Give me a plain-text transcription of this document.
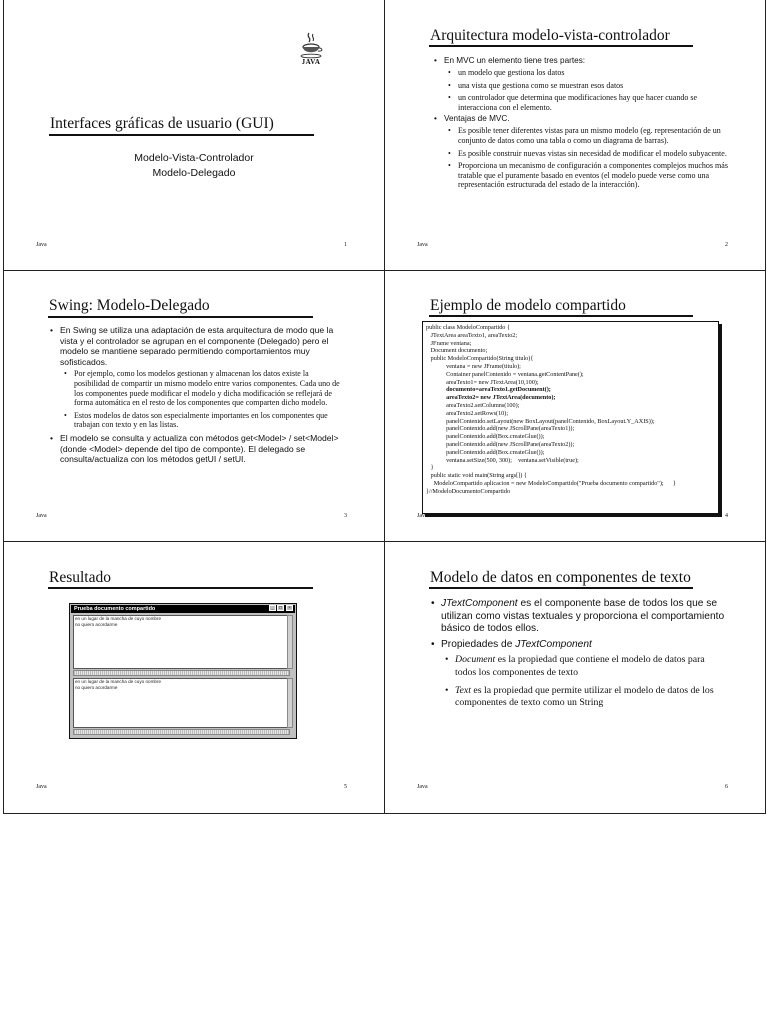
JAVA
Interfaces gráficas de usuario (GUI)
Modelo-Vista-Controlador
Modelo-Delegado
Java	1
Arquitectura modelo-vista-controlador
• En MVC un elemento tiene tres partes:
• un modelo que gestiona los datos
• una vista que gestiona como se muestran esos datos
• un controlador que determina que modificaciones hay que hacer cuando se interacciona con el elemento.
• Ventajas de MVC.
• Es posible tener diferentes vistas para un mismo modelo (eg. representación de un conjunto de datos como una tabla o como un diagrama de barras).
• Es posible construir nuevas vistas sin necesidad de modificar el modelo subyacente.
• Proporciona un mecanismo de configuración a componentes complejos muchos más tratable que el puramente basado en eventos (el modelo puede verse como una representación estructurada del estado de la interacción).
Java	2
Swing: Modelo-Delegado
• En Swing se utiliza una adaptación de esta arquitectura de modo que la vista y el controlador se agrupan en el componente (Delegado) pero el modelo se mantiene separado permitiendo comportamientos muy sofisticados.
• Por ejemplo, como los modelos gestionan y almacenan los datos existe la posibilidad de compartir un mismo modelo entre varios componentes. Cada uno de los componentes puede modificar el modelo y dicha modificación se reflejará de forma automática en el resto de los componentes que comparten dicho modelo.
• Estos modelos de datos son especialmente importantes en los componentes que trabajan con texto y en las listas.
• El modelo se consulta y actualiza con métodos get<Model> / set<Model> (donde <Model> depende del tipo de componte). El delegado se consulta/actualiza con los métodos getUI / setUI.
Java	3
Ejemplo de modelo compartido
public class ModeloCompartido {
JTextArea areaTexto1, areaTexto2;
JFrame ventana;
Document documento;
public ModeloCompartido(String titulo){
ventana = new JFrame(titulo);
Container panelContenido = ventana.getContentPane();
areaTexto1= new JTextArea(10,100);
documento=areaTexto1.getDocument();
areaTexto2= new JTextArea(documento);
areaTexto2.setColumns(100);
areaTexto2.setRows(10);
panelContenido.setLayout(new BoxLayout(panelContenido, BoxLayout.Y_AXIS));
panelContenido.add(new JScrollPane(areaTexto1));
panelContenido.add(Box.createGlue());
panelContenido.add(new JScrollPane(areaTexto2));
panelContenido.add(Box.createGlue());
ventana.setSize(500, 300);    ventana.setVisible(true);
}
public static void main(String args[]) {
ModeloCompartido aplicacion = new ModeloCompartido("Prueba documento compartido");      }
}//ModeloDocumentoCompartido
Java	4
Resultado
Prueba documento compartido	_	□	×
en un lugar de la mancha de cuyo nombre
no quiero acordarme
en un lugar de la mancha de cuyo nombre
no quiero acordarme
Java	5
Modelo de datos en componentes de texto
• JTextComponent es el componente base de todos los que se utilizan como vistas textuales y proporciona el comportamiento básico de todos ellos.
• Propiedades de JTextComponent
• Document es la propiedad que contiene el modelo de datos para todos los componentes de texto
• Text es la propiedad que permite utilizar el modelo de datos de los componentes de texto como un String
Java	6
